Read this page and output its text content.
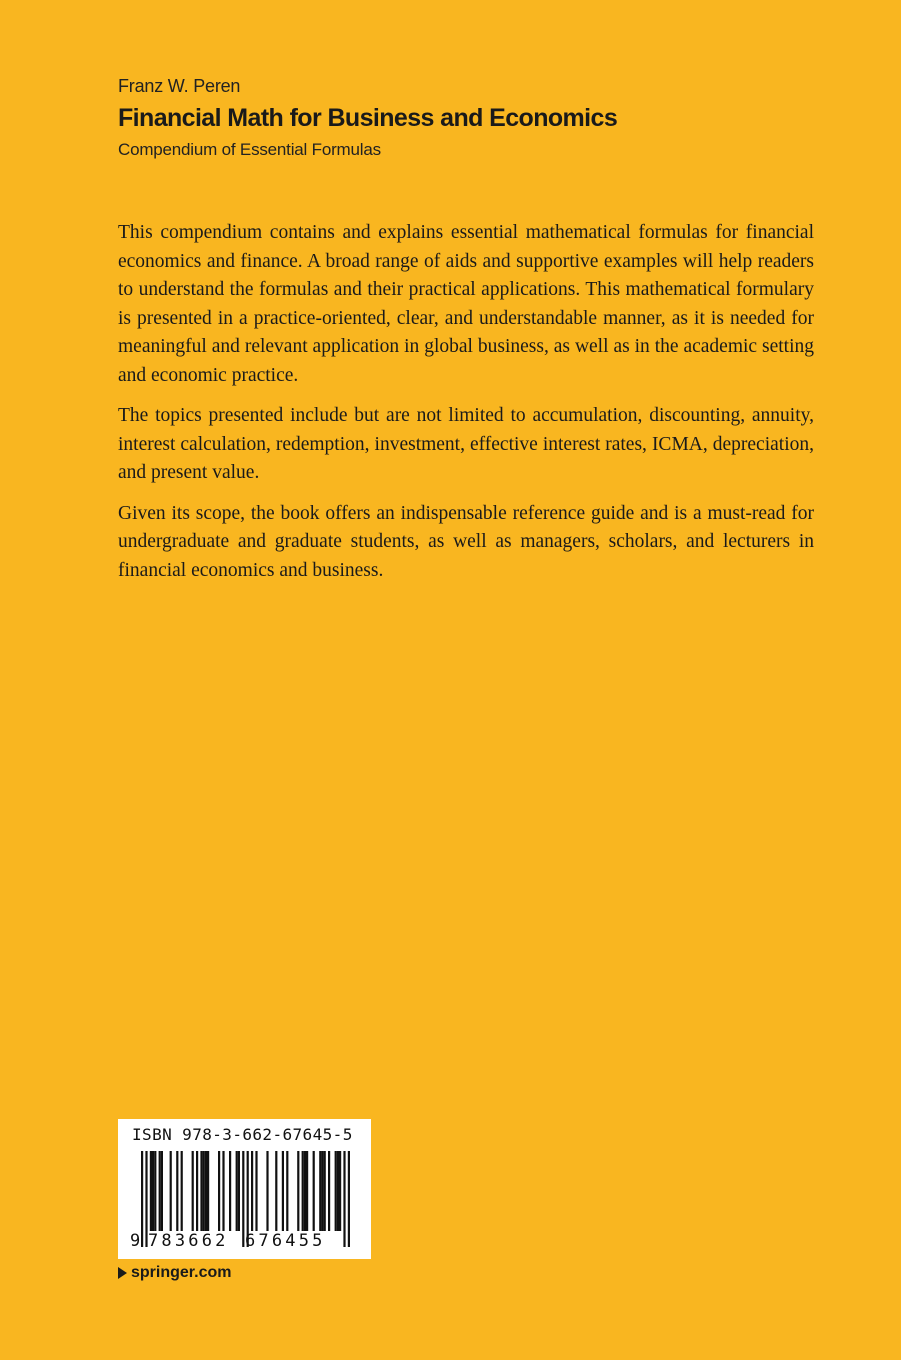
Franz W. Peren
Financial Math for Business and Economics
Compendium of Essential Formulas

This compendium contains and explains essential mathematical formulas for financial economics and finance. A broad range of aids and supportive examples will help readers to understand the formulas and their practical applications. This mathematical formulary is presented in a practice-oriented, clear, and understandable manner, as it is needed for meaningful and relevant application in global business, as well as in the academic setting and economic practice.

The topics presented include but are not limited to accumulation, discounting, annuity, interest calculation, redemption, investment, effective interest rates, ICMA, depreciation, and present value.

Given its scope, the book offers an indispensable reference guide and is a must-read for undergraduate and graduate students, as well as managers, scholars, and lecturers in financial economics and business.

ISBN 978-3-662-67645-5
9 783662 676455
springer.com
